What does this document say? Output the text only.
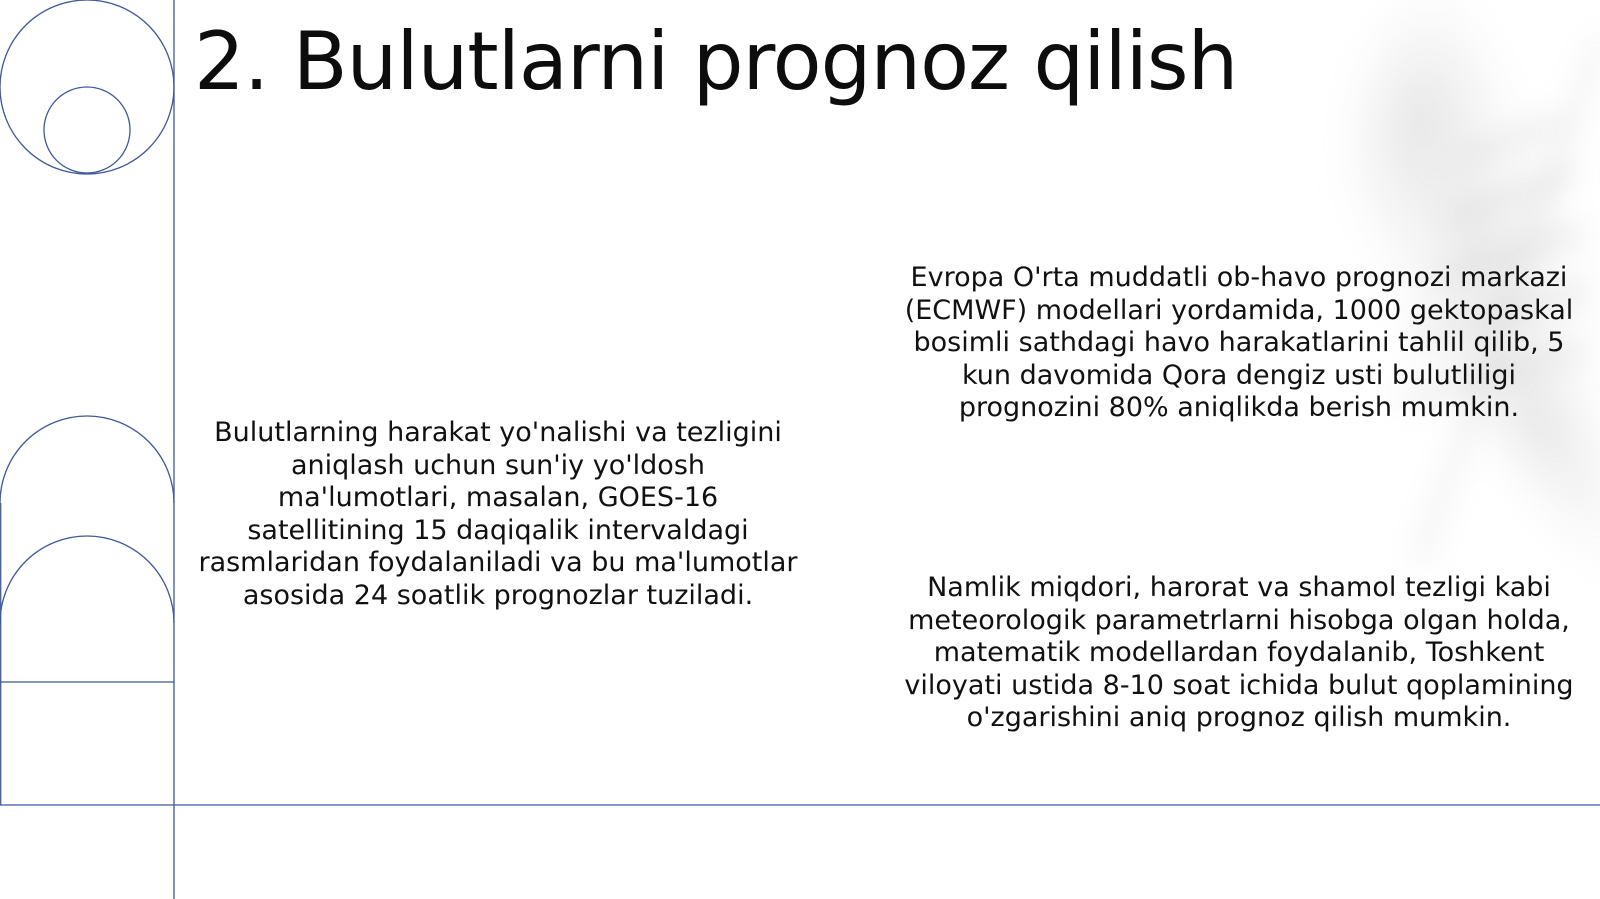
2. Bulutlarni prognoz qilish

Bulutlarning harakat yo'nalishi va tezligini aniqlash uchun sun'iy yo'ldosh ma'lumotlari, masalan, GOES-16 satellitining 15 daqiqalik intervaldagi rasmlaridan foydalaniladi va bu ma'lumotlar asosida 24 soatlik prognozlar tuziladi.

Evropa O'rta muddatli ob-havo prognozi markazi (ECMWF) modellari yordamida, 1000 gektopaskal bosimli sathdagi havo harakatlarini tahlil qilib, 5 kun davomida Qora dengiz usti bulutliligi prognozini 80% aniqlikda berish mumkin.

Namlik miqdori, harorat va shamol tezligi kabi meteorologik parametrlarni hisobga olgan holda, matematik modellardan foydalanib, Toshkent viloyati ustida 8-10 soat ichida bulut qoplamining o'zgarishini aniq prognoz qilish mumkin.
